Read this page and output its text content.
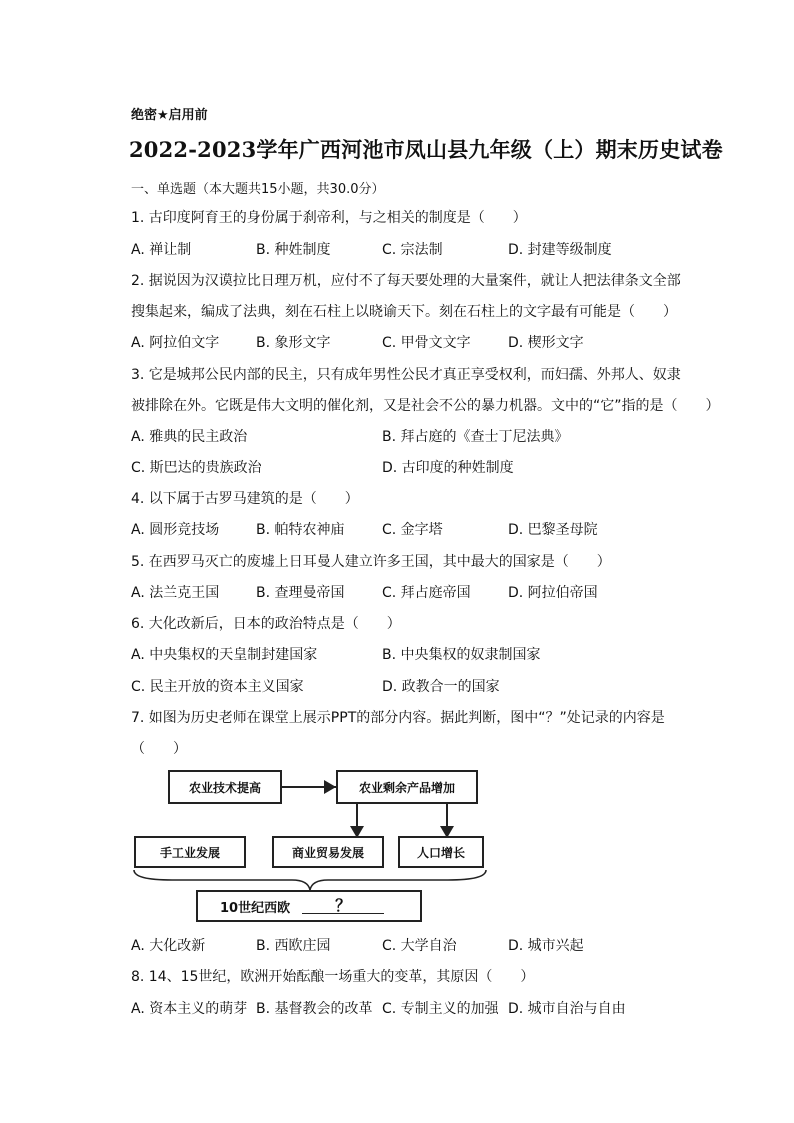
绝密★启用前
2022-2023学年广西河池市凤山县九年级（上）期末历史试卷
一、单选题（本大题共15小题，共30.0分）
1. 古印度阿育王的身份属于刹帝利，与之相关的制度是（　　）
A. 禅让制	B. 种姓制度	C. 宗法制	D. 封建等级制度
2. 据说因为汉谟拉比日理万机，应付不了每天要处理的大量案件，就让人把法律条文全部
搜集起来，编成了法典，刻在石柱上以晓谕天下。刻在石柱上的文字最有可能是（　　）
A. 阿拉伯文字	B. 象形文字	C. 甲骨文文字	D. 楔形文字
3. 它是城邦公民内部的民主，只有成年男性公民才真正享受权利，而妇孺、外邦人、奴隶
被排除在外。它既是伟大文明的催化剂，又是社会不公的暴力机器。文中的“它”指的是（　　）
A. 雅典的民主政治	B. 拜占庭的《查士丁尼法典》
C. 斯巴达的贵族政治	D. 古印度的种姓制度
4. 以下属于古罗马建筑的是（　　）
A. 圆形竞技场	B. 帕特农神庙	C. 金字塔	D. 巴黎圣母院
5. 在西罗马灭亡的废墟上日耳曼人建立许多王国，其中最大的国家是（　　）
A. 法兰克王国	B. 查理曼帝国	C. 拜占庭帝国	D. 阿拉伯帝国
6. 大化改新后，日本的政治特点是（　　）
A. 中央集权的天皇制封建国家	B. 中央集权的奴隶制国家
C. 民主开放的资本主义国家	D. 政教合一的国家
7. 如图为历史老师在课堂上展示PPT的部分内容。据此判断，图中“？”处记录的内容是
（　　）
农业技术提高	农业剩余产品增加
手工业发展	商业贸易发展	人口增长
10世纪西欧	？
A. 大化改新	B. 西欧庄园	C. 大学自治	D. 城市兴起
8. 14、15世纪，欧洲开始酝酿一场重大的变革，其原因（　　）
A. 资本主义的萌芽 B. 基督教会的改革 C. 专制主义的加强 D. 城市自治与自由
